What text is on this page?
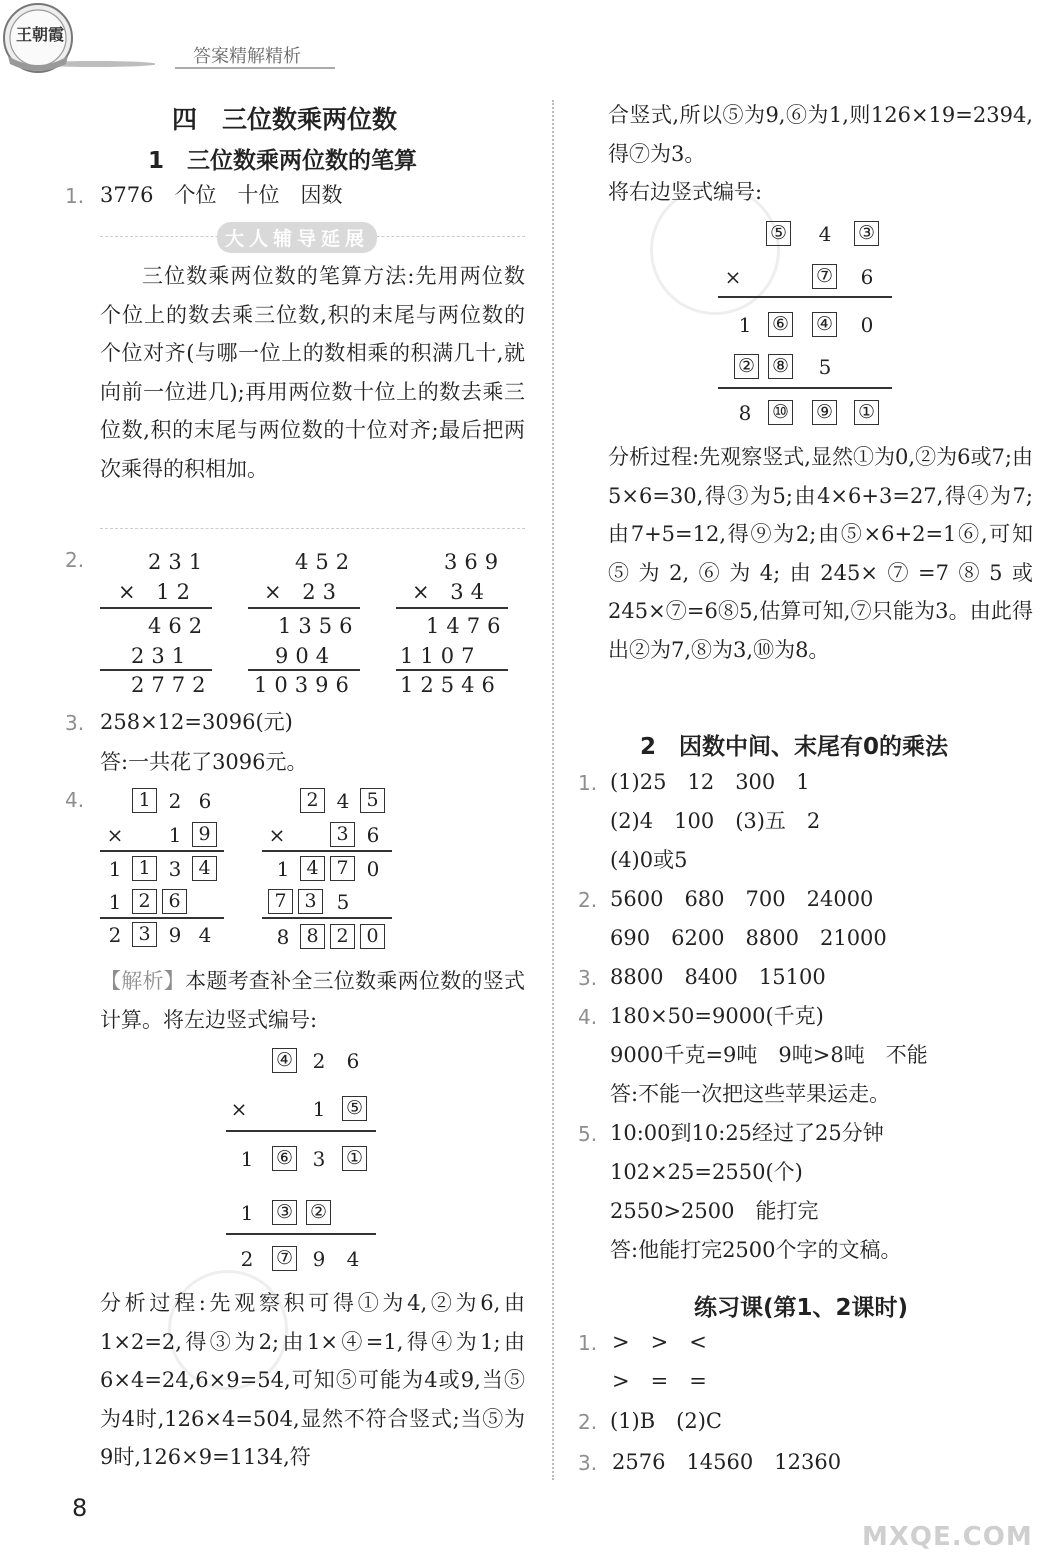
王朝霞
答案精解精析
四　三位数乘两位数
1　三位数乘两位数的笔算
1. 3776　个位　十位　因数
大人辅导延展
三位数乘两位数的笔算方法:先用两位数个位上的数去乘三位数,积的末尾与两位数的个位对齐(与哪一位上的数相乘的积满几十,就向前一位进几);再用两位数十位上的数去乘三位数,积的末尾与两位数的十位对齐;最后把两次乘得的积相加。
2.	231
× 12
462
231
2772
452
× 23
1356
904
10396
369
× 34
1476
1107
12546
3. 258×12=3096(元)
答:一共花了3096元。
4.	1 2 6
×	1 9
1 1 3 4
1 2 6
2 3 9 4
2 4 5
×	3 6
1 4 7 0
7 3	5
8 8 2 0
【解析】本题考查补全三位数乘两位数的竖式计算。将左边竖式编号:
④ 2	6
×	1	⑤
1	⑥ 3	①
1	③ ②
2	⑦ 9	4
分析过程:先观察积可得①为4,②为6,由1×2=2,得③为2;由1×④=1,得④为1;由6×4=24,6×9=54,可知⑤可能为4或9,当⑤为4时,126×4=504,显然不符合竖式;当⑤为9时,126×9=1134,符
8
合竖式,所以⑤为9,⑥为1,则126×19=2394,得⑦为3。
将右边竖式编号:
⑤	4	③
×	⑦	6
1	⑥ ④	0
② ⑧	5
8	⑩ ⑨ ①
分析过程:先观察竖式,显然①为0,②为6或7;由5×6=30,得③为5;由4×6+3=27,得④为7;由7+5=12,得⑨为2;由⑤×6+2=1⑥,可知⑤为2,⑥为4;由245×⑦=7⑧5或245×⑦=6⑧5,估算可知,⑦只能为3。由此得出②为7,⑧为3,⑩为8。
2　因数中间、末尾有0的乘法
1. (1)25　12　300　1
(2)4　100　(3)五　2
(4)0或5
2. 5600　680　700　24000
690　6200　8800　21000
3. 8800　8400　15100
4. 180×50=9000(千克)
9000千克=9吨　9吨>8吨　不能
答:不能一次把这些苹果运走。
5. 10:00到10:25经过了25分钟
102×25=2550(个)
2550>2500　能打完
答:他能打完2500个字的文稿。
练习课(第1、2课时)
1. >　>　<
>　=　=
2. (1)B　(2)C
3. 2576　14560　12360
MXQE.COM
